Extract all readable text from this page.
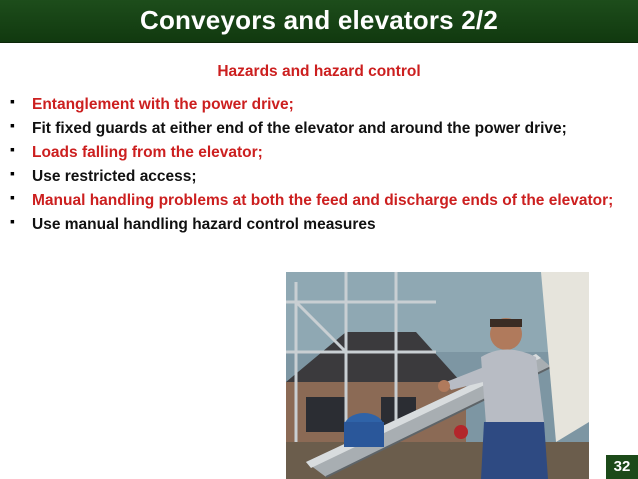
Conveyors and elevators 2/2
Hazards and hazard control
▪ Entanglement with the power drive;
▪ Fit fixed guards at either end of the elevator and around the power drive;
▪ Loads falling from the elevator;
▪ Use restricted access;
▪ Manual handling problems at both the feed and discharge ends of the elevator;
▪ Use manual handling hazard control measures
32
